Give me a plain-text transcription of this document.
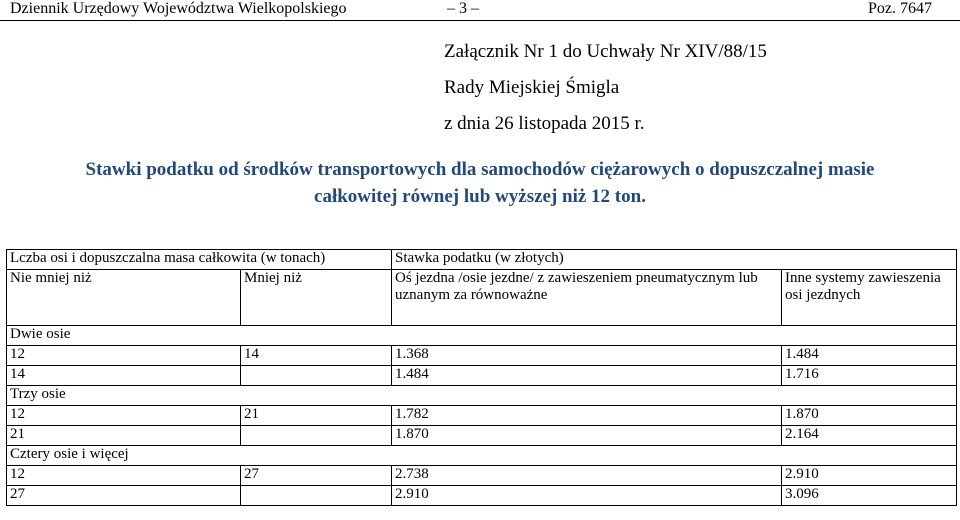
Dziennik Urzędowy Województwa Wielkopolskiego	– 3 –	Poz. 7647
Załącznik Nr 1 do Uchwały Nr XIV/88/15
Rady Miejskiej Śmigla
z dnia 26 listopada 2015 r.
Stawki podatku od środków transportowych dla samochodów ciężarowych o dopuszczalnej masie
całkowitej równej lub wyższej niż 12 ton.
Lczba osi i dopuszczalna masa całkowita (w tonach)		Stawka podatku (w złotych)	
Nie mniej niż	Mniej niż	Oś jezdna /osie jezdne/ z zawieszeniem pneumatycznym lub uznanym za równoważne	Inne systemy zawieszenia osi jezdnych
Dwie osie			
12	14	1.368	1.484
14		1.484	1.716
Trzy osie			
12	21	1.782	1.870
21		1.870	2.164
Cztery osie i więcej			
12	27	2.738	2.910
27		2.910	3.096
